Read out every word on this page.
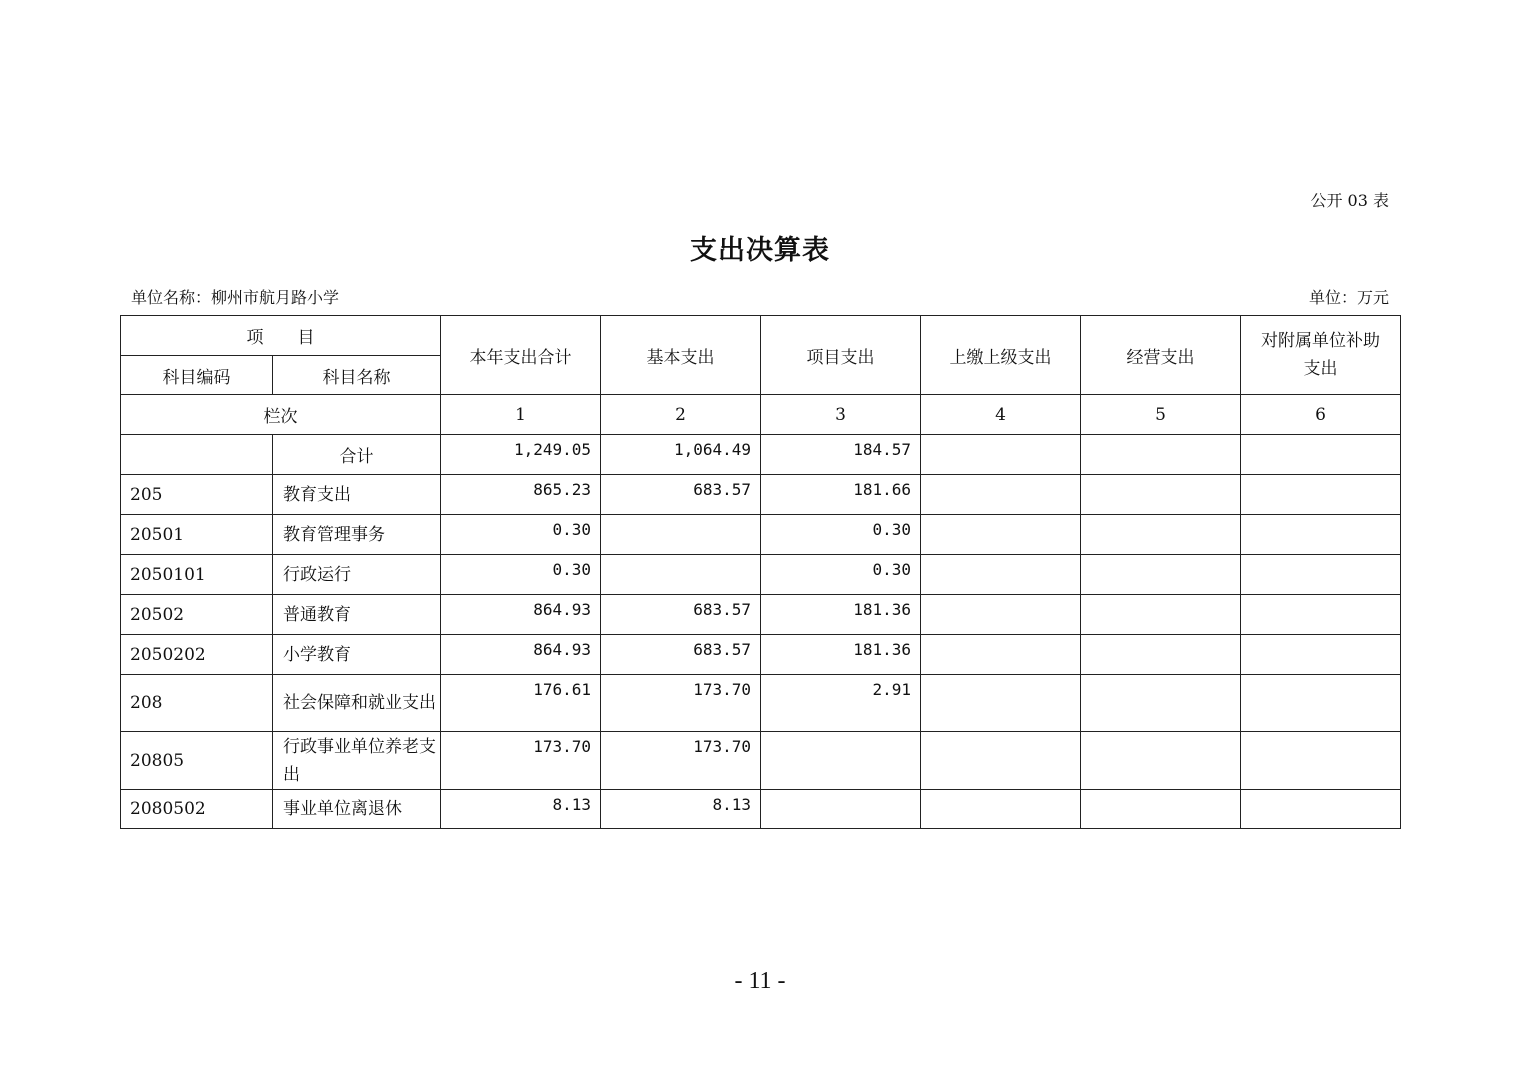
公开 03 表
支出决算表
单位名称：柳州市航月路小学	单位：万元
项　　目		本年支出合计	基本支出	项目支出	上缴上级支出	经营支出	对附属单位补助支出
科目编码	科目名称						
栏次		1	2	3	4	5	6
	合计	1,249.05	1,064.49	184.57			
205	教育支出	865.23	683.57	181.66			
20501	教育管理事务	0.30		0.30			
2050101	行政运行	0.30		0.30			
20502	普通教育	864.93	683.57	181.36			
2050202	小学教育	864.93	683.57	181.36			
208	社会保障和就业支出	176.61	173.70	2.91			
20805	行政事业单位养老支出	173.70	173.70				
2080502	事业单位离退休	8.13	8.13				
- 11 -
